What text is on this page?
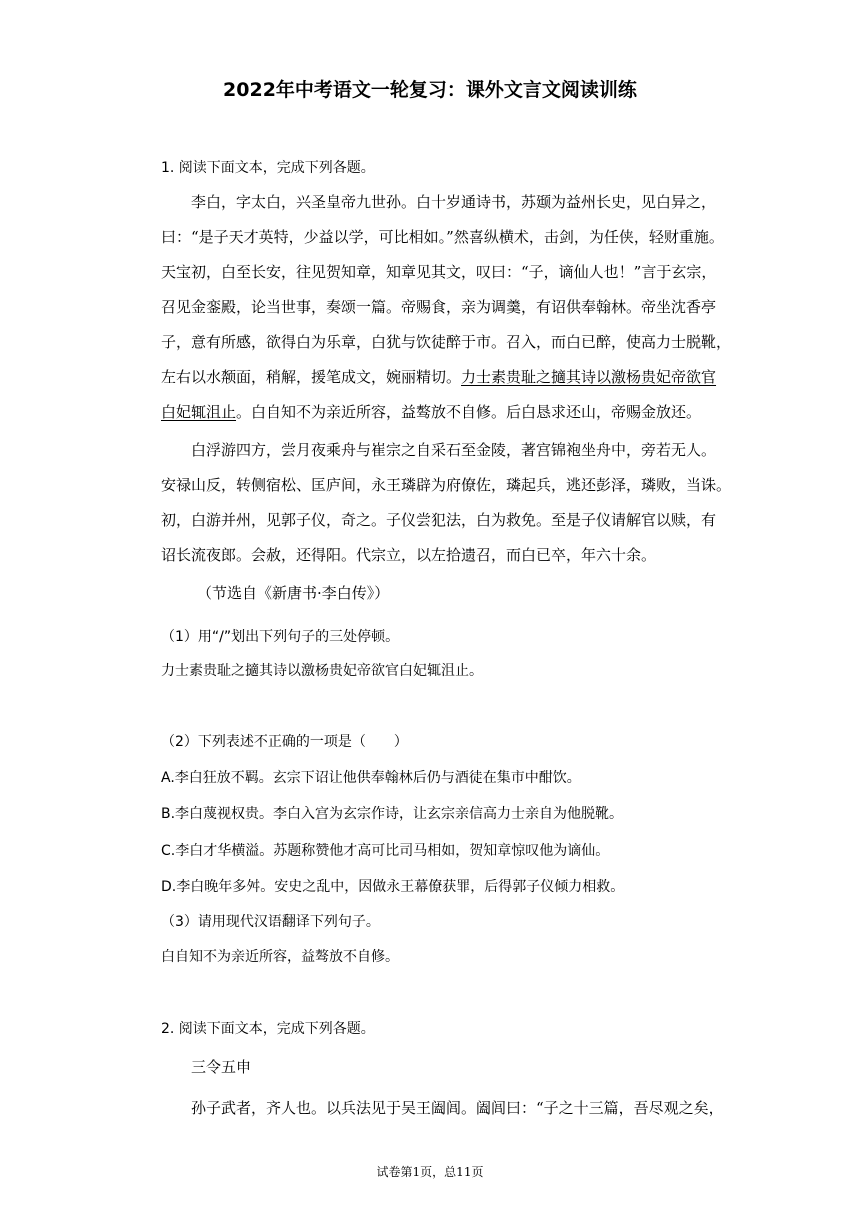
2022年中考语文一轮复习：课外文言文阅读训练
1. 阅读下面文本，完成下列各题。
李白，字太白，兴圣皇帝九世孙。白十岁通诗书，苏颋为益州长史，见白异之，
曰：“是子天才英特，少益以学，可比相如。”然喜纵横术，击剑，为任侠，轻财重施。
天宝初，白至长安，往见贺知章，知章见其文，叹曰：“子，谪仙人也！”言于玄宗，
召见金銮殿，论当世事，奏颂一篇。帝赐食，亲为调羹，有诏供奉翰林。帝坐沈香亭
子，意有所感，欲得白为乐章，白犹与饮徒醉于市。召入，而白已醉，使高力士脱靴，
左右以水颒面，稍解，援笔成文，婉丽精切。力士素贵耻之擿其诗以激杨贵妃帝欲官
白妃辄沮止。白自知不为亲近所容，益骜放不自修。后白恳求还山，帝赐金放还。
白浮游四方，尝月夜乘舟与崔宗之自采石至金陵，著宫锦袍坐舟中，旁若无人。
安禄山反，转侧宿松、匡庐间，永王璘辟为府僚佐，璘起兵，逃还彭泽，璘败，当诛。
初，白游并州，见郭子仪，奇之。子仪尝犯法，白为救免。至是子仪请解官以赎，有
诏长流夜郎。会赦，还得阳。代宗立，以左拾遗召，而白已卒，年六十余。
（节选自《新唐书·李白传》）
（1）用“/”划出下列句子的三处停顿。
力士素贵耻之擿其诗以激杨贵妃帝欲官白妃辄沮止。
（2）下列表述不正确的一项是（　　）
A.李白狂放不羁。玄宗下诏让他供奉翰林后仍与酒徒在集市中酣饮。
B.李白蔑视权贵。李白入宫为玄宗作诗，让玄宗亲信高力士亲自为他脱靴。
C.李白才华横溢。苏题称赞他才高可比司马相如，贺知章惊叹他为谪仙。
D.李白晚年多舛。安史之乱中，因做永王幕僚获罪，后得郭子仪倾力相救。
（3）请用现代汉语翻译下列句子。
白自知不为亲近所容，益骜放不自修。
2. 阅读下面文本，完成下列各题。
三令五申
孙子武者，齐人也。以兵法见于吴王阖闾。阖闾曰：“子之十三篇，吾尽观之矣，
试卷第1页，总11页
